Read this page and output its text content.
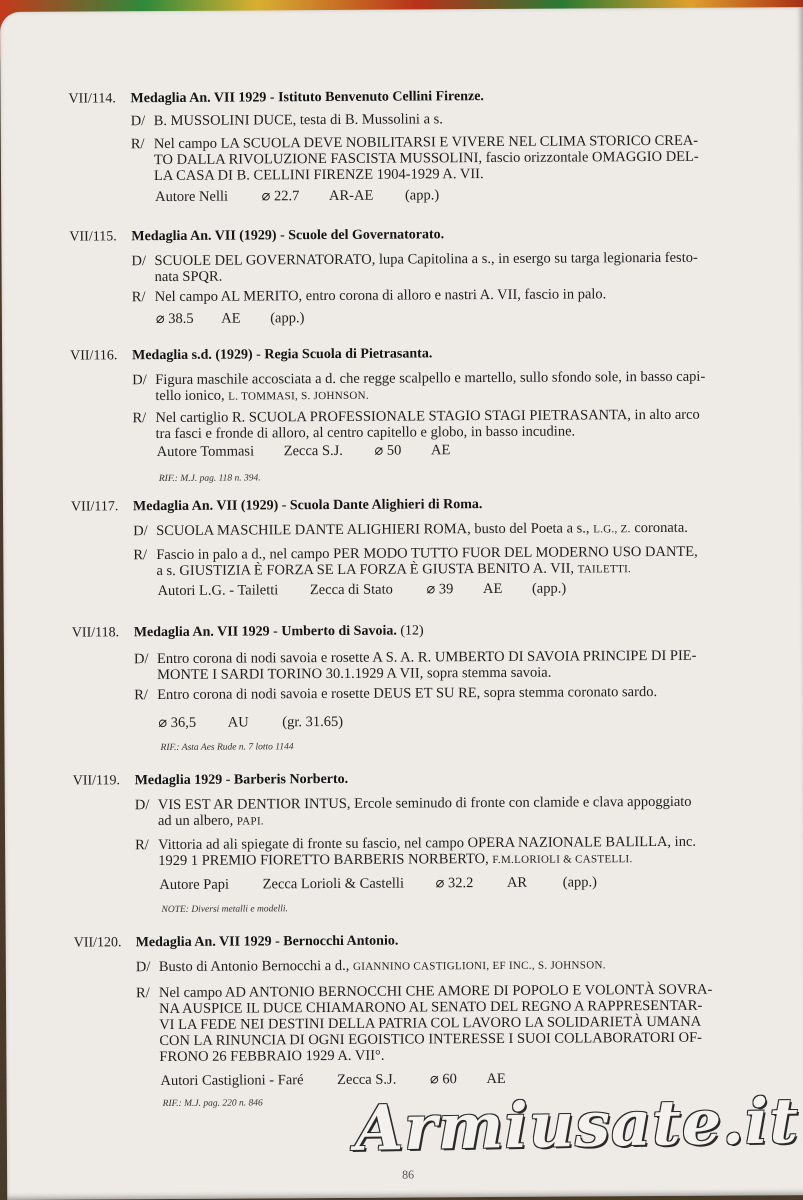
VII/114. Medaglia An. VII 1929 - Istituto Benvenuto Cellini Firenze.
D/ B. MUSSOLINI DUCE, testa di B. Mussolini a s.
R/ Nel campo LA SCUOLA DEVE NOBILITARSI E VIVERE NEL CLIMA STORICO CREA-
TO DALLA RIVOLUZIONE FASCISTA MUSSOLINI, fascio orizzontale OMAGGIO DEL-
LA CASA DI B. CELLINI FIRENZE 1904-1929 A. VII.
Autore Nelli ⌀ 22.7 AR-AE (app.)
VII/115. Medaglia An. VII (1929) - Scuole del Governatorato.
D/ SCUOLE DEL GOVERNATORATO, lupa Capitolina a s., in esergo su targa legionaria festo-
nata SPQR.
R/ Nel campo AL MERITO, entro corona di alloro e nastri A. VII, fascio in palo.
⌀ 38.5 AE (app.)
VII/116. Medaglia s.d. (1929) - Regia Scuola di Pietrasanta.
D/ Figura maschile accosciata a d. che regge scalpello e martello, sullo sfondo sole, in basso capi-
tello ionico, L. TOMMASI, S. JOHNSON.
R/ Nel cartiglio R. SCUOLA PROFESSIONALE STAGIO STAGI PIETRASANTA, in alto arco
tra fasci e fronde di alloro, al centro capitello e globo, in basso incudine.
Autore Tommasi Zecca S.J. ⌀ 50 AE
RIF.: M.J. pag. 118 n. 394.
VII/117. Medaglia An. VII (1929) - Scuola Dante Alighieri di Roma.
D/ SCUOLA MASCHILE DANTE ALIGHIERI ROMA, busto del Poeta a s., L.G., Z. coronata.
R/ Fascio in palo a d., nel campo PER MODO TUTTO FUOR DEL MODERNO USO DANTE,
a s. GIUSTIZIA È FORZA SE LA FORZA È GIUSTA BENITO A. VII, TAILETTI.
Autori L.G. - Tailetti Zecca di Stato ⌀ 39 AE (app.)
VII/118. Medaglia An. VII 1929 - Umberto di Savoia. (12)
D/ Entro corona di nodi savoia e rosette A S. A. R. UMBERTO DI SAVOIA PRINCIPE DI PIE-
MONTE I SARDI TORINO 30.1.1929 A VII, sopra stemma savoia.
R/ Entro corona di nodi savoia e rosette DEUS ET SU RE, sopra stemma coronato sardo.
⌀ 36,5 AU (gr. 31.65)
RIF.: Asta Aes Rude n. 7 lotto 1144
VII/119. Medaglia 1929 - Barberis Norberto.
D/ VIS EST AR DENTIOR INTUS, Ercole seminudo di fronte con clamide e clava appoggiato
ad un albero, PAPI.
R/ Vittoria ad ali spiegate di fronte su fascio, nel campo OPERA NAZIONALE BALILLA, inc.
1929 1 PREMIO FIORETTO BARBERIS NORBERTO, F.M.LORIOLI & CASTELLI.
Autore Papi Zecca Lorioli & Castelli ⌀ 32.2 AR (app.)
NOTE: Diversi metalli e modelli.
VII/120. Medaglia An. VII 1929 - Bernocchi Antonio.
D/ Busto di Antonio Bernocchi a d., GIANNINO CASTIGLIONI, EF INC., S. JOHNSON.
R/ Nel campo AD ANTONIO BERNOCCHI CHE AMORE DI POPOLO E VOLONTÀ SOVRA-
NA AUSPICE IL DUCE CHIAMARONO AL SENATO DEL REGNO A RAPPRESENTAR-
VI LA FEDE NEI DESTINI DELLA PATRIA COL LAVORO LA SOLIDARIETÀ UMANA
CON LA RINUNCIA DI OGNI EGOISTICO INTERESSE I SUOI COLLABORATORI OF-
FRONO 26 FEBBRAIO 1929 A. VII°.
Autori Castiglioni - Faré Zecca S.J. ⌀ 60 AE
RIF.: M.J. pag. 220 n. 846
86
Armiusate.it
